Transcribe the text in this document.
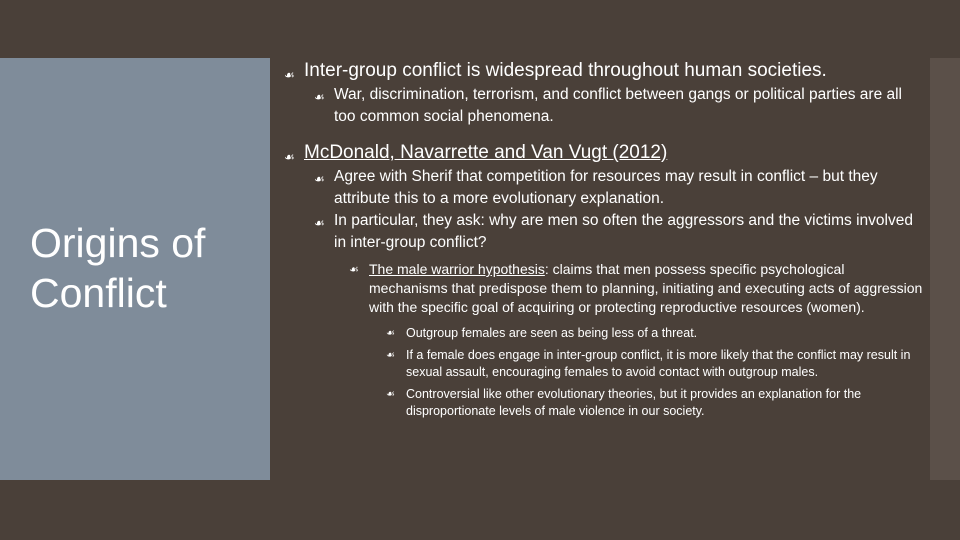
Origins of Conflict
☙ Inter-group conflict is widespread throughout human societies.
☙ War, discrimination, terrorism, and conflict between gangs or political parties are all too common social phenomena.
☙ McDonald, Navarrette and Van Vugt (2012)
☙ Agree with Sherif that competition for resources may result in conflict – but they attribute this to a more evolutionary explanation.
☙ In particular, they ask: why are men so often the aggressors and the victims involved in inter-group conflict?
☙ The male warrior hypothesis: claims that men possess specific psychological mechanisms that predispose them to planning, initiating and executing acts of aggression with the specific goal of acquiring or protecting reproductive resources (women).
☙ Outgroup females are seen as being less of a threat.
☙ If a female does engage in inter-group conflict, it is more likely that the conflict may result in sexual assault, encouraging females to avoid contact with outgroup males.
☙ Controversial like other evolutionary theories, but it provides an explanation for the disproportionate levels of male violence in our society.
